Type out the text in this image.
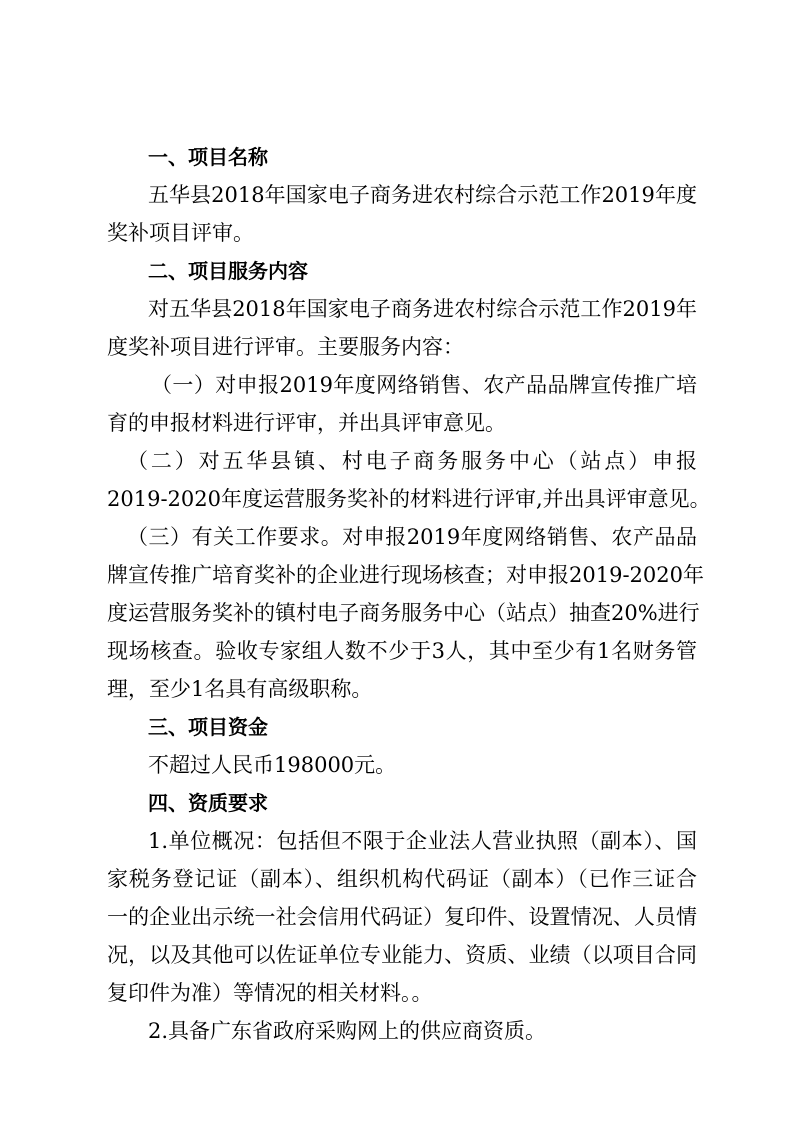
一、项目名称
五华县2018年国家电子商务进农村综合示范工作2019年度
奖补项目评审。
二、项目服务内容
对五华县2018年国家电子商务进农村综合示范工作2019年
度奖补项目进行评审。主要服务内容：
（一）对申报2019年度网络销售、农产品品牌宣传推广培
育的申报材料进行评审，并出具评审意见。
（二）对五华县镇、村电子商务服务中心（站点）申报
2019-2020年度运营服务奖补的材料进行评审,并出具评审意见。
（三）有关工作要求。对申报2019年度网络销售、农产品品
牌宣传推广培育奖补的企业进行现场核查；对申报2019-2020年
度运营服务奖补的镇村电子商务服务中心（站点）抽查20%进行
现场核查。验收专家组人数不少于3人，其中至少有1名财务管
理，至少1名具有高级职称。
三、项目资金
不超过人民币198000元。
四、资质要求
1.单位概况：包括但不限于企业法人营业执照（副本）、国
家税务登记证（副本）、组织机构代码证（副本）（已作三证合
一的企业出示统一社会信用代码证）复印件、设置情况、人员情
况，以及其他可以佐证单位专业能力、资质、业绩（以项目合同
复印件为准）等情况的相关材料。。
2.具备广东省政府采购网上的供应商资质。
